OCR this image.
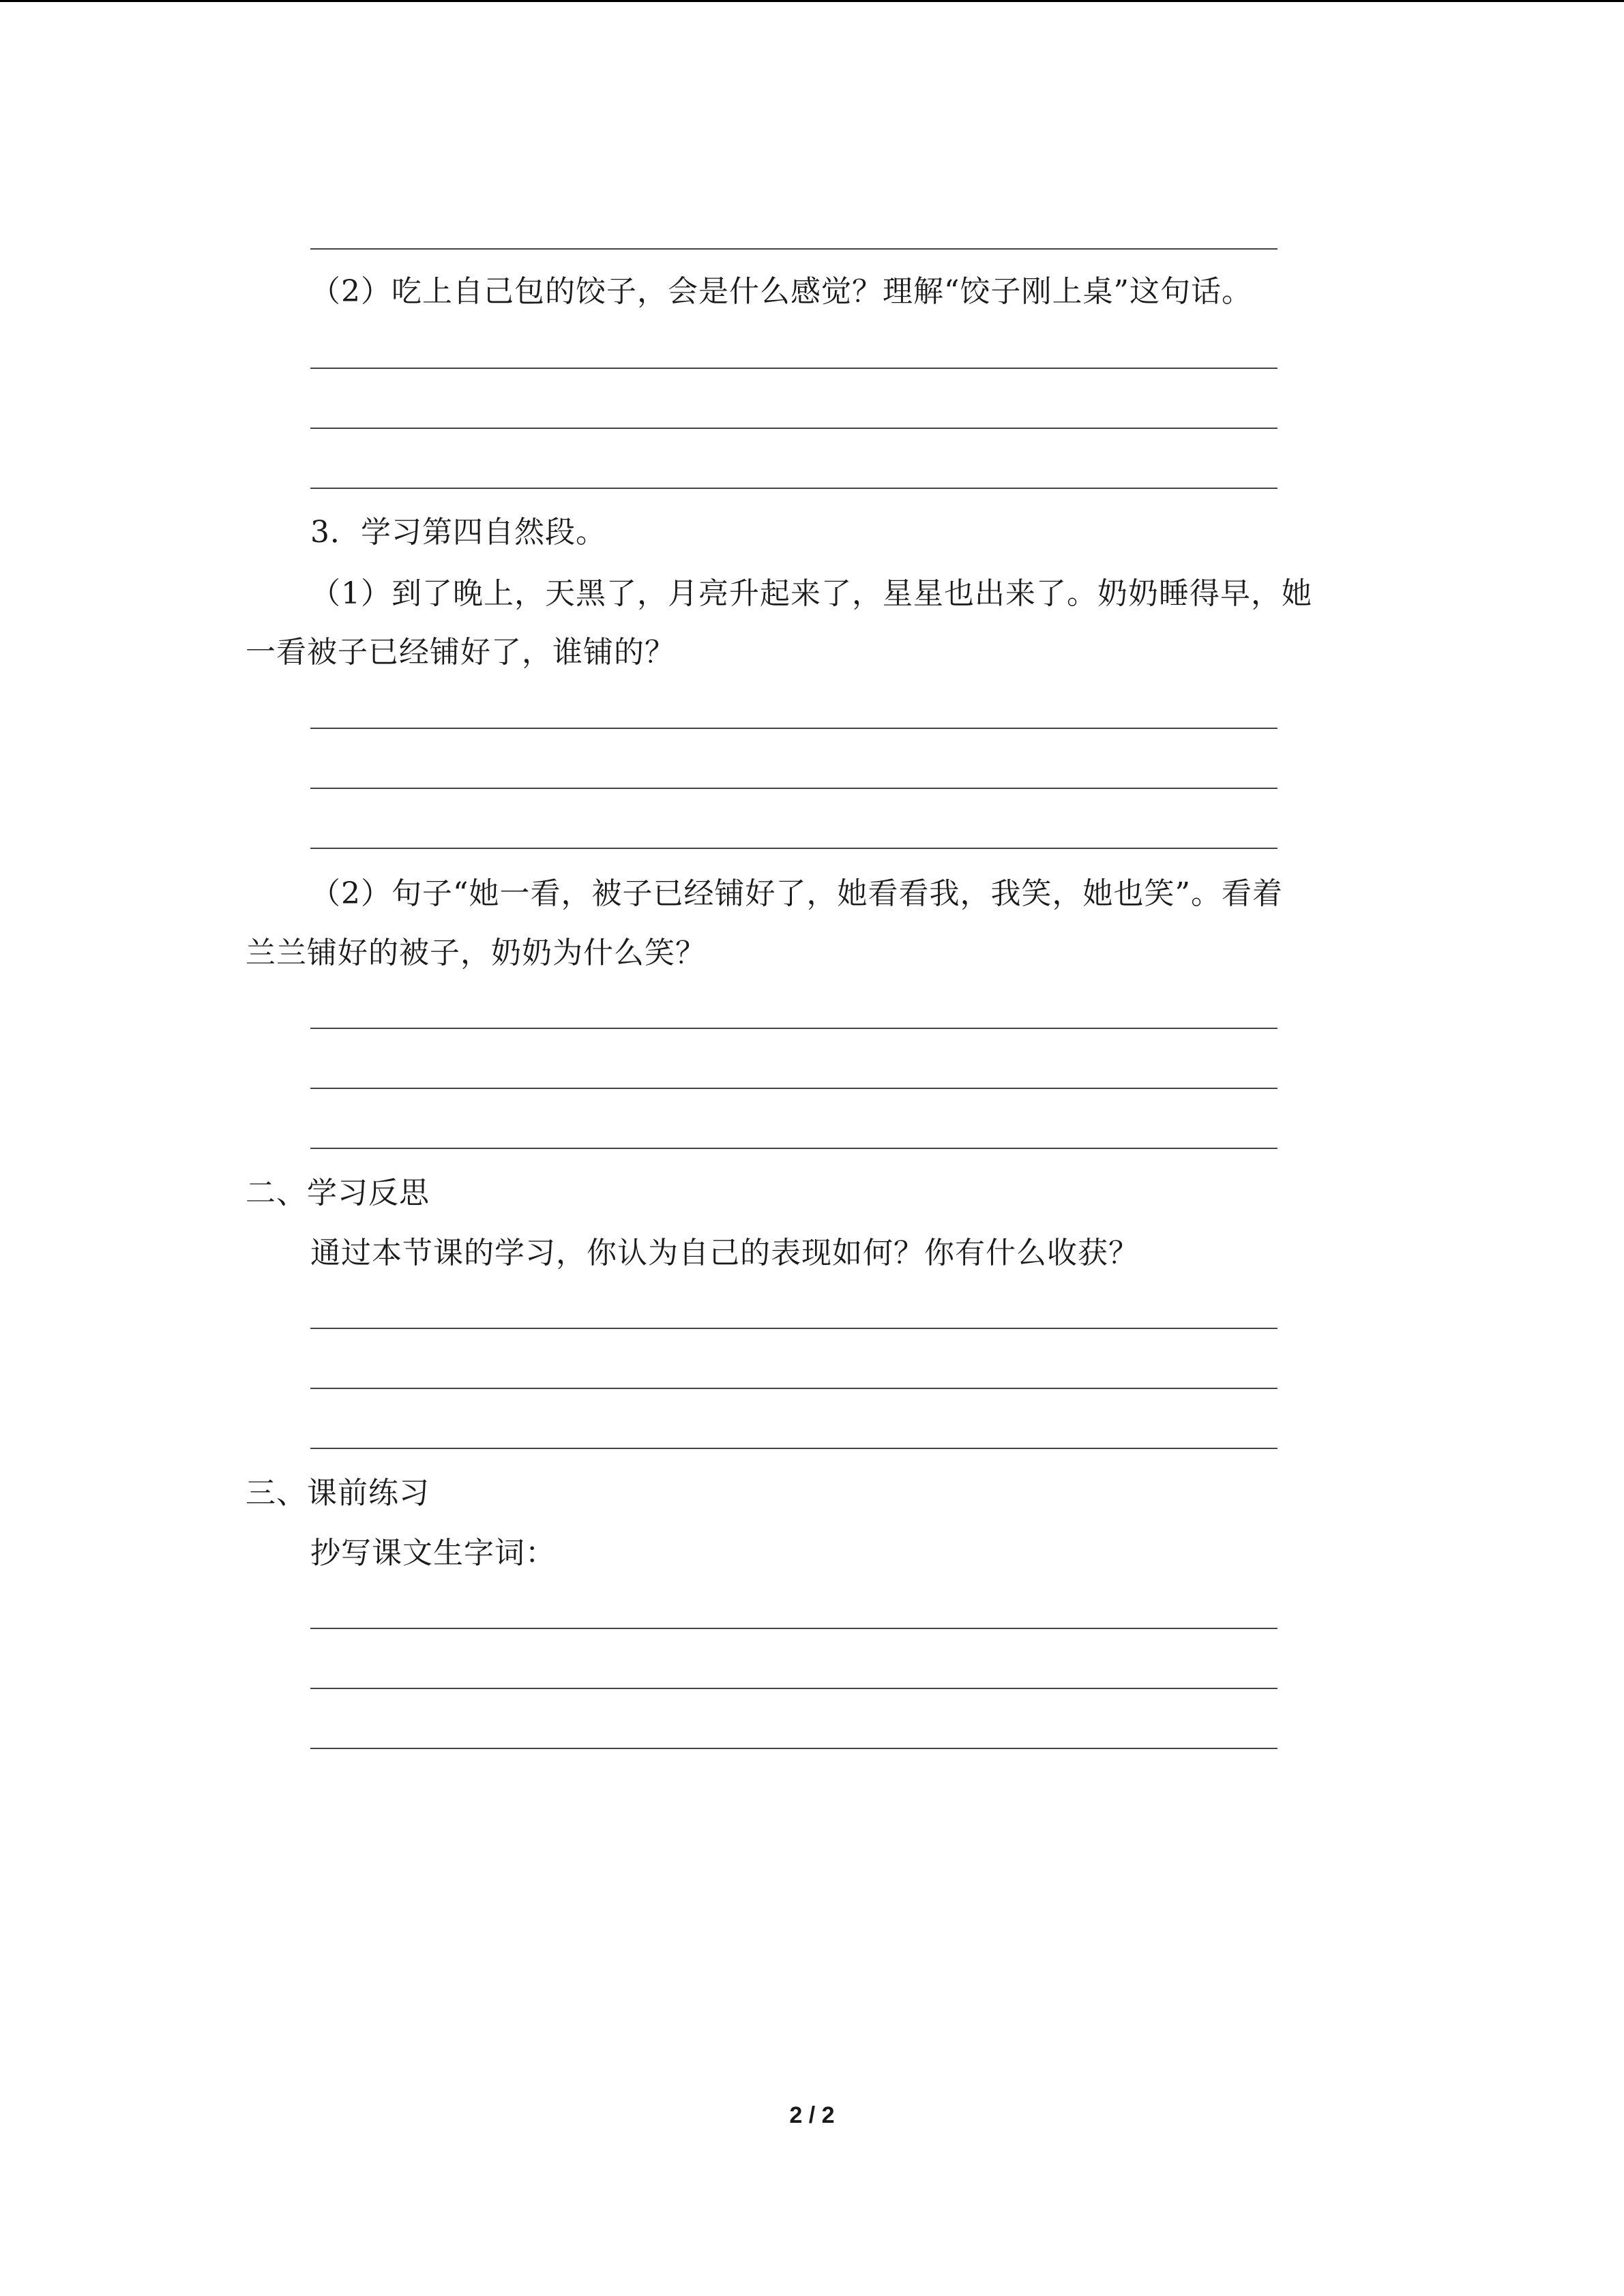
（2）吃上自己包的饺子，会是什么感觉？理解“饺子刚上桌”这句话。
3．学习第四自然段。
（1）到了晚上，天黑了，月亮升起来了，星星也出来了。奶奶睡得早，她
一看被子已经铺好了，谁铺的？
（2）句子“她一看，被子已经铺好了，她看看我，我笑，她也笑”。看着
兰兰铺好的被子，奶奶为什么笑？
二、学习反思
通过本节课的学习，你认为自己的表现如何？你有什么收获？
三、课前练习
抄写课文生字词：
2 / 2
